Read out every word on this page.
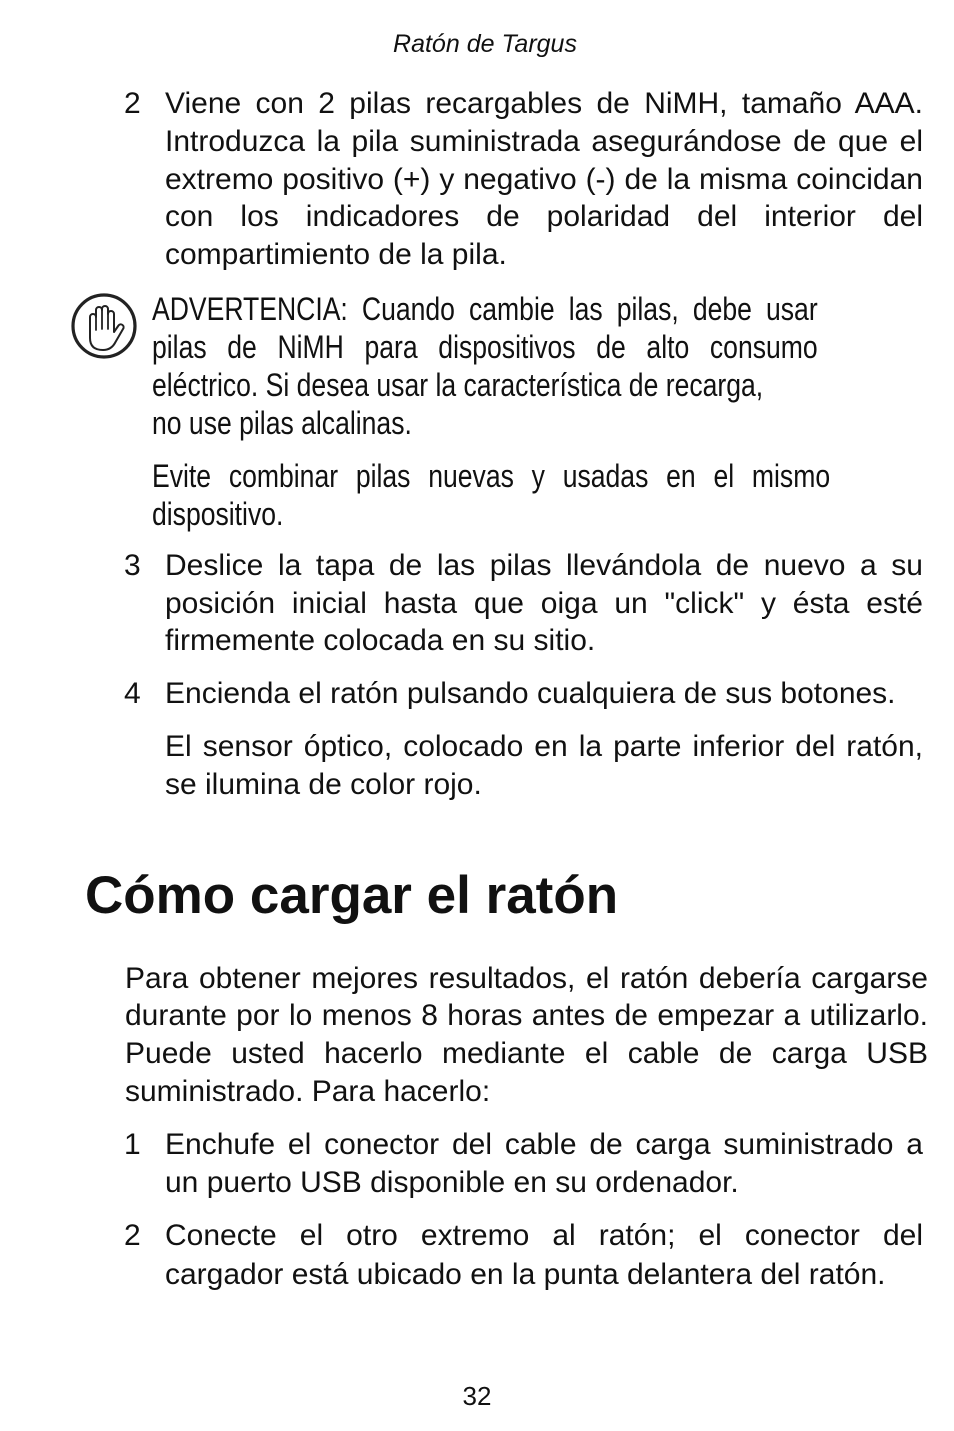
Ratón de Targus
2 Viene con 2 pilas recargables de NiMH, tamaño AAA.
Introduzca la pila suministrada asegurándose de que el
extremo positivo (+) y negativo (-) de la misma coincidan
con los indicadores de polaridad del interior del
compartimiento de la pila.
ADVERTENCIA: Cuando cambie las pilas, debe usar
pilas de NiMH para dispositivos de alto consumo
eléctrico. Si desea usar la característica de recarga,
no use pilas alcalinas.
Evite combinar pilas nuevas y usadas en el mismo
dispositivo.
3 Deslice la tapa de las pilas llevándola de nuevo a su
posición inicial hasta que oiga un "click" y ésta esté
firmemente colocada en su sitio.
4 Encienda el ratón pulsando cualquiera de sus botones.
El sensor óptico, colocado en la parte inferior del ratón,
se ilumina de color rojo.
Cómo cargar el ratón
Para obtener mejores resultados, el ratón debería cargarse
durante por lo menos 8 horas antes de empezar a utilizarlo.
Puede usted hacerlo mediante el cable de carga USB
suministrado. Para hacerlo:
1 Enchufe el conector del cable de carga suministrado a
un puerto USB disponible en su ordenador.
2 Conecte el otro extremo al ratón; el conector del
cargador está ubicado en la punta delantera del ratón.
32
